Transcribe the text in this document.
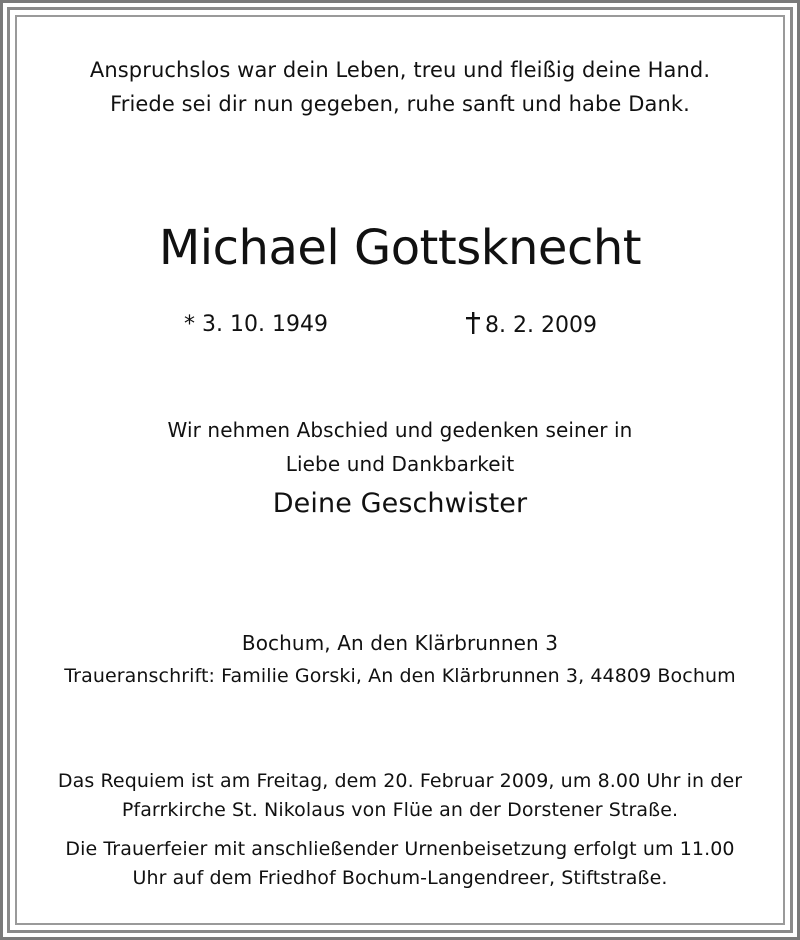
Anspruchslos war dein Leben, treu und fleißig deine Hand.
Friede sei dir nun gegeben, ruhe sanft und habe Dank.
Michael Gottsknecht
* 3. 10. 1949	8. 2. 2009
Wir nehmen Abschied und gedenken seiner in
Liebe und Dankbarkeit
Deine Geschwister
Bochum, An den Klärbrunnen 3
Traueranschrift: Familie Gorski, An den Klärbrunnen 3, 44809 Bochum
Das Requiem ist am Freitag, dem 20. Februar 2009, um 8.00 Uhr in der
Pfarrkirche St. Nikolaus von Flüe an der Dorstener Straße.
Die Trauerfeier mit anschließender Urnenbeisetzung erfolgt um 11.00
Uhr auf dem Friedhof Bochum-Langendreer, Stiftstraße.
